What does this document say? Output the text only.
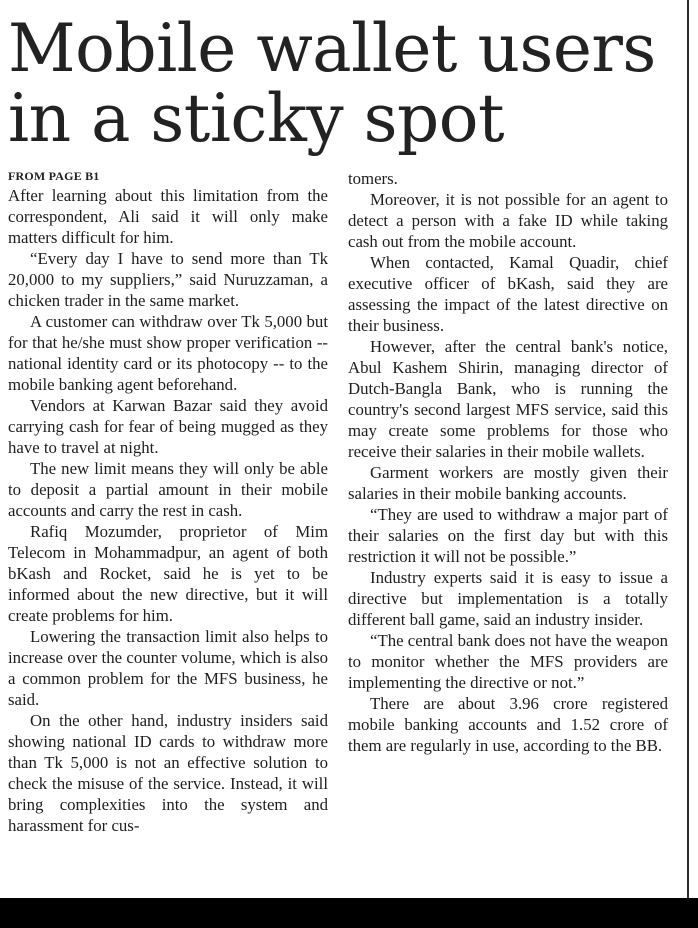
Mobile wallet users
in a sticky spot
FROM PAGE B1

After learning about this limitation from the correspondent, Ali said it will only make matters difficult for him.

“Every day I have to send more than Tk 20,000 to my suppliers,” said Nuruzzaman, a chicken trader in the same market.

A customer can withdraw over Tk 5,000 but for that he/she must show proper verification -- national identity card or its photocopy -- to the mobile banking agent beforehand.

Vendors at Karwan Bazar said they avoid carrying cash for fear of being mugged as they have to travel at night.

The new limit means they will only be able to deposit a partial amount in their mobile accounts and carry the rest in cash.

Rafiq Mozumder, proprietor of Mim Telecom in Mohammadpur, an agent of both bKash and Rocket, said he is yet to be informed about the new directive, but it will create problems for him.

Lowering the transaction limit also helps to increase over the counter volume, which is also a common problem for the MFS business, he said.

On the other hand, industry insiders said showing national ID cards to withdraw more than Tk 5,000 is not an effective solution to check the misuse of the service. Instead, it will bring complexities into the system and harassment for cus-

tomers.

Moreover, it is not possible for an agent to detect a person with a fake ID while taking cash out from the mobile account.

When contacted, Kamal Quadir, chief executive officer of bKash, said they are assessing the impact of the latest directive on their business.

However, after the central bank's notice, Abul Kashem Shirin, managing director of Dutch-Bangla Bank, who is running the country's second largest MFS service, said this may create some problems for those who receive their salaries in their mobile wallets.

Garment workers are mostly given their salaries in their mobile banking accounts.

“They are used to withdraw a major part of their salaries on the first day but with this restriction it will not be possible.”

Industry experts said it is easy to issue a directive but implementation is a totally different ball game, said an industry insider.

“The central bank does not have the weapon to monitor whether the MFS providers are implementing the directive or not.”

There are about 3.96 crore registered mobile banking accounts and 1.52 crore of them are regularly in use, according to the BB.
